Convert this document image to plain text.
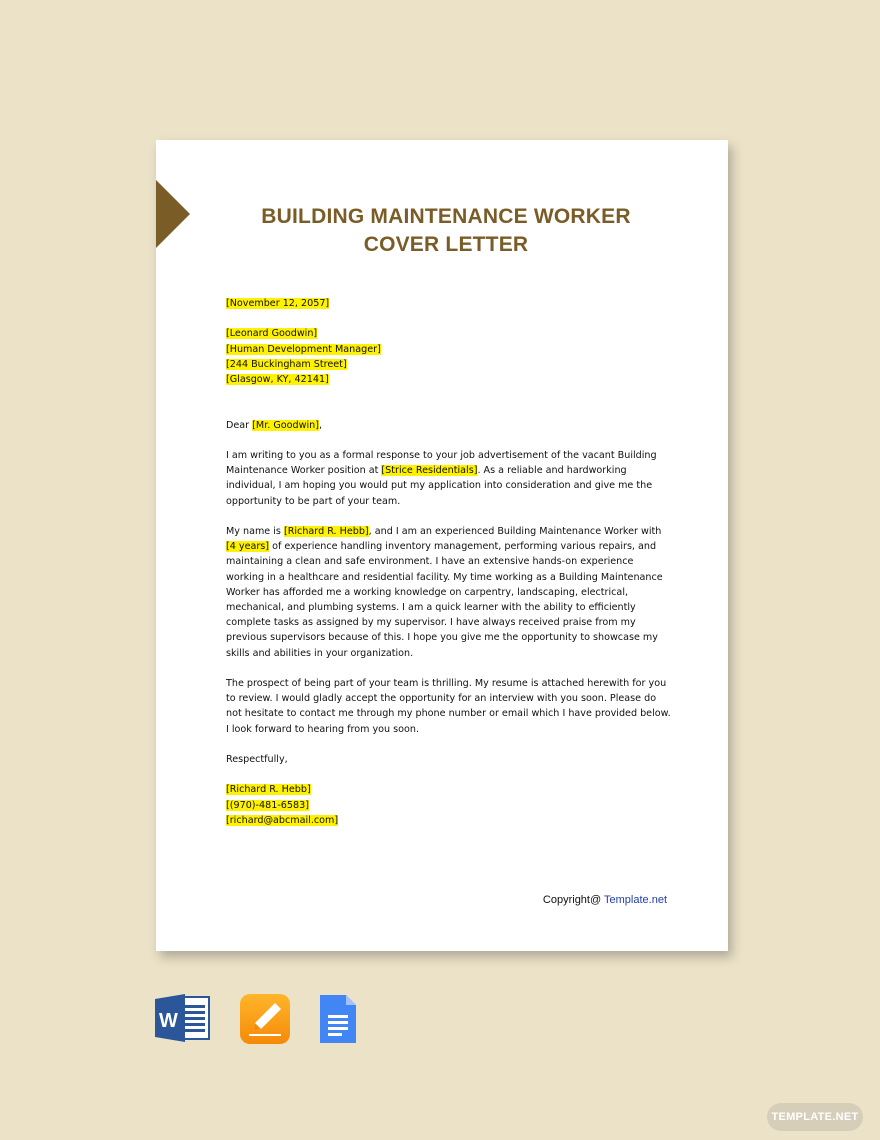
BUILDING MAINTENANCE WORKER
COVER LETTER

[November 12, 2057]

[Leonard Goodwin]

[Human Development Manager]

[244 Buckingham Street]

[Glasgow, KY, 42141]

Dear [Mr. Goodwin],

I am writing to you as a formal response to your job advertisement of the vacant Building Maintenance Worker position at [Strice Residentials]. As a reliable and hardworking individual, I am hoping you would put my application into consideration and give me the opportunity to be part of your team.

My name is [Richard R. Hebb], and I am an experienced Building Maintenance Worker with [4 years] of experience handling inventory management, performing various repairs, and maintaining a clean and safe environment. I have an extensive hands-on experience working in a healthcare and residential facility. My time working as a Building Maintenance Worker has afforded me a working knowledge on carpentry, landscaping, electrical, mechanical, and plumbing systems. I am a quick learner with the ability to efficiently complete tasks as assigned by my supervisor. I have always received praise from my previous supervisors because of this. I hope you give me the opportunity to showcase my skills and abilities in your organization.

The prospect of being part of your team is thrilling. My resume is attached herewith for you to review. I would gladly accept the opportunity for an interview with you soon. Please do not hesitate to contact me through my phone number or email which I have provided below. I look forward to hearing from you soon.

Respectfully,

[Richard R. Hebb]

[(970)-481-6583]

[richard@abcmail.com]

Copyright@ Template.net
W
TEMPLATE.NET
